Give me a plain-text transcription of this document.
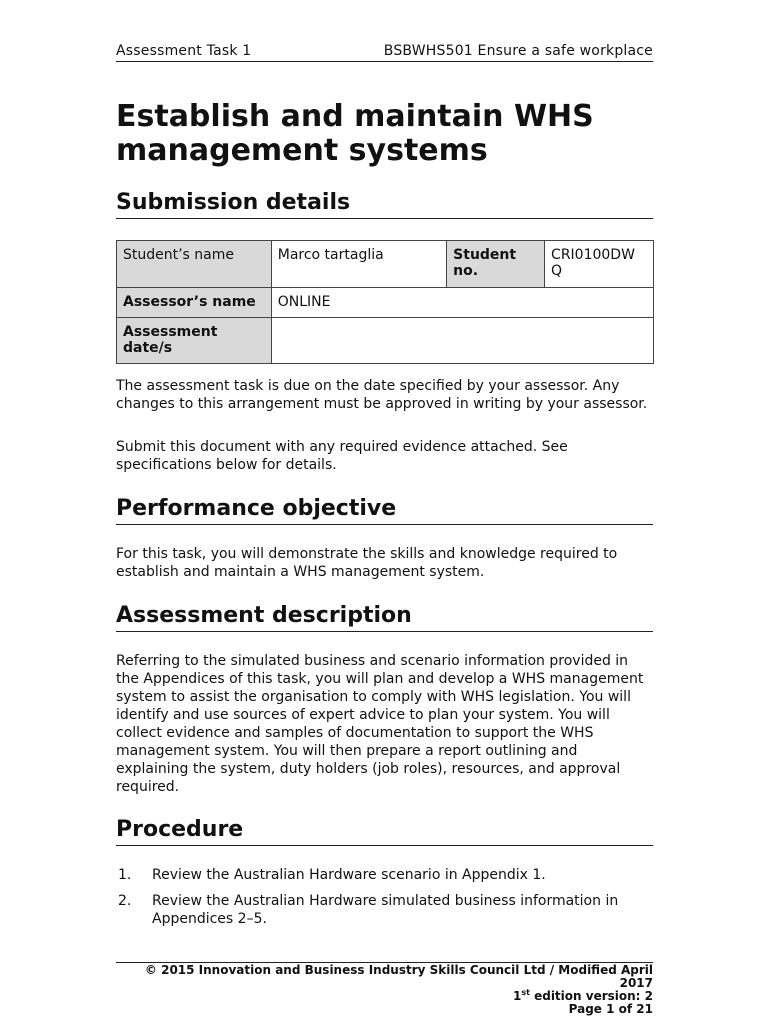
Assessment Task 1	BSBWHS501 Ensure a safe workplace
Establish and maintain WHS management systems
Submission details
Student’s name	Marco tartaglia	Student no.	CRI0100DW Q
Assessor’s name	ONLINE		
Assessment date/s			

The assessment task is due on the date specified by your assessor. Any changes to this arrangement must be approved in writing by your assessor.

Submit this document with any required evidence attached. See specifications below for details.

Performance objective

For this task, you will demonstrate the skills and knowledge required to establish and maintain a WHS management system.

Assessment description

Referring to the simulated business and scenario information provided in the Appendices of this task, you will plan and develop a WHS management system to assist the organisation to comply with WHS legislation. You will identify and use sources of expert advice to plan your system. You will collect evidence and samples of documentation to support the WHS management system. You will then prepare a report outlining and explaining the system, duty holders (job roles), resources, and approval required.

Procedure
1. Review the Australian Hardware scenario in Appendix 1.
2. Review the Australian Hardware simulated business information in Appendices 2–5.
© 2015 Innovation and Business Industry Skills Council Ltd / Modified April 2017
1st edition version: 2
Page 1 of 21
